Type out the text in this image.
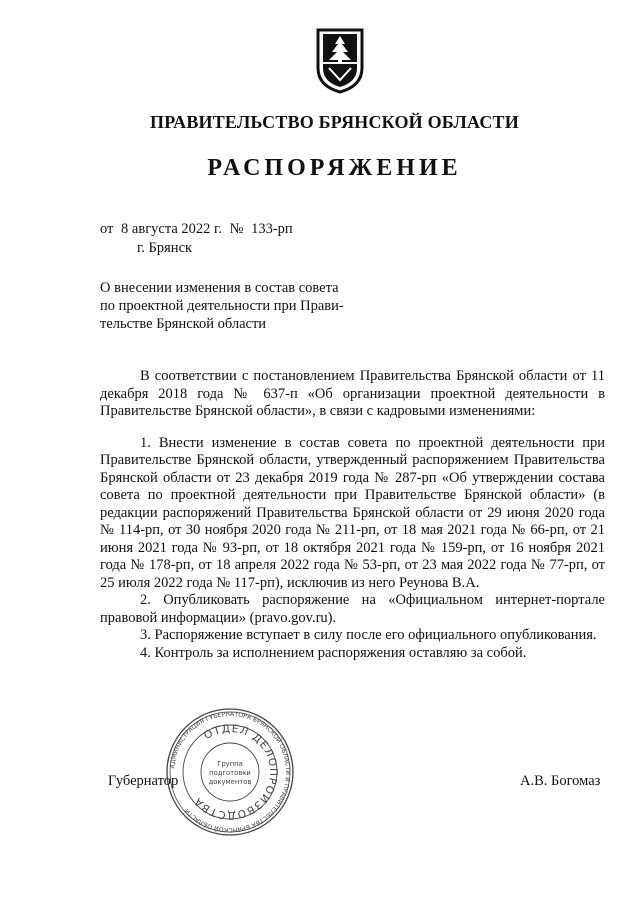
ПРАВИТЕЛЬСТВО БРЯНСКОЙ ОБЛАСТИ
РАСПОРЯЖЕНИЕ
от 8 августа 2022 г. № 133-рп
г. Брянск
О внесении изменения в состав совета
по проектной деятельности при Прави-
тельстве Брянской области

В соответствии с постановлением Правительства Брянской области от 11 декабря 2018 года № 637-п «Об организации проектной деятельности в Правительстве Брянской области», в связи с кадровыми изменениями:

1. Внести изменение в состав совета по проектной деятельности при Правительстве Брянской области, утвержденный распоряжением Правительства Брянской области от 23 декабря 2019 года № 287-рп «Об утверждении состава совета по проектной деятельности при Правительстве Брянской области» (в редакции распоряжений Правительства Брянской области от 29 июня 2020 года № 114-рп, от 30 ноября 2020 года № 211-рп, от 18 мая 2021 года № 66-рп, от 21 июня 2021 года № 93-рп, от 18 октября 2021 года № 159-рп, от 16 ноября 2021 года № 178-рп, от 18 апреля 2022 года № 53-рп, от 23 мая 2022 года № 77-рп, от 25 июля 2022 года № 117-рп), исключив из него Реунова В.А.

2. Опубликовать распоряжение на «Официальном интернет-портале правовой информации» (pravo.gov.ru).

3. Распоряжение вступает в силу после его официального опубликования.

4. Контроль за исполнением распоряжения оставляю за собой.

Губернатор	А.В. Богомаз
АДМИНИСТРАЦИЯ ГУБЕРНАТОРА БРЯНСКОЙ ОБЛАСТИ И ПРАВИТЕЛЬСТВА БРЯНСКОЙ ОБЛАСТИ
ОТДЕЛ ДЕЛОПРОИЗВОДСТВА
Группа
подготовки
документов
